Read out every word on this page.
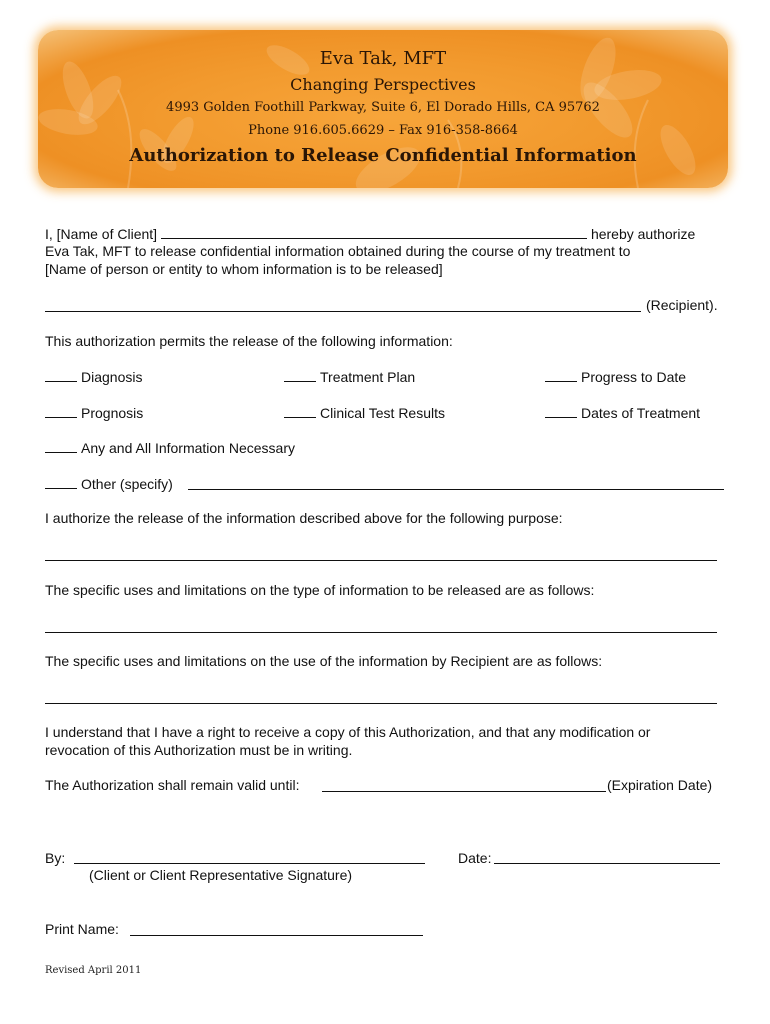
Eva Tak, MFT
Changing Perspectives
4993 Golden Foothill Parkway, Suite 6, El Dorado Hills, CA 95762
Phone 916.605.6629 – Fax 916-358-8664
Authorization to Release Confidential Information
I, [Name of Client]	hereby authorize
Eva Tak, MFT to release confidential information obtained during the course of my treatment to
[Name of person or entity to whom information is to be released]
(Recipient).
This authorization permits the release of the following information:
Diagnosis	Treatment Plan	Progress to Date
Prognosis	Clinical Test Results	Dates of Treatment
Any and All Information Necessary
Other (specify)
I authorize the release of the information described above for the following purpose:
The specific uses and limitations on the type of information to be released are as follows:
The specific uses and limitations on the use of the information by Recipient are as follows:
I understand that I have a right to receive a copy of this Authorization, and that any modification or
revocation of this Authorization must be in writing.
The Authorization shall remain valid until:	(Expiration Date)
By:	Date:
(Client or Client Representative Signature)
Print Name:
Revised April 2011
